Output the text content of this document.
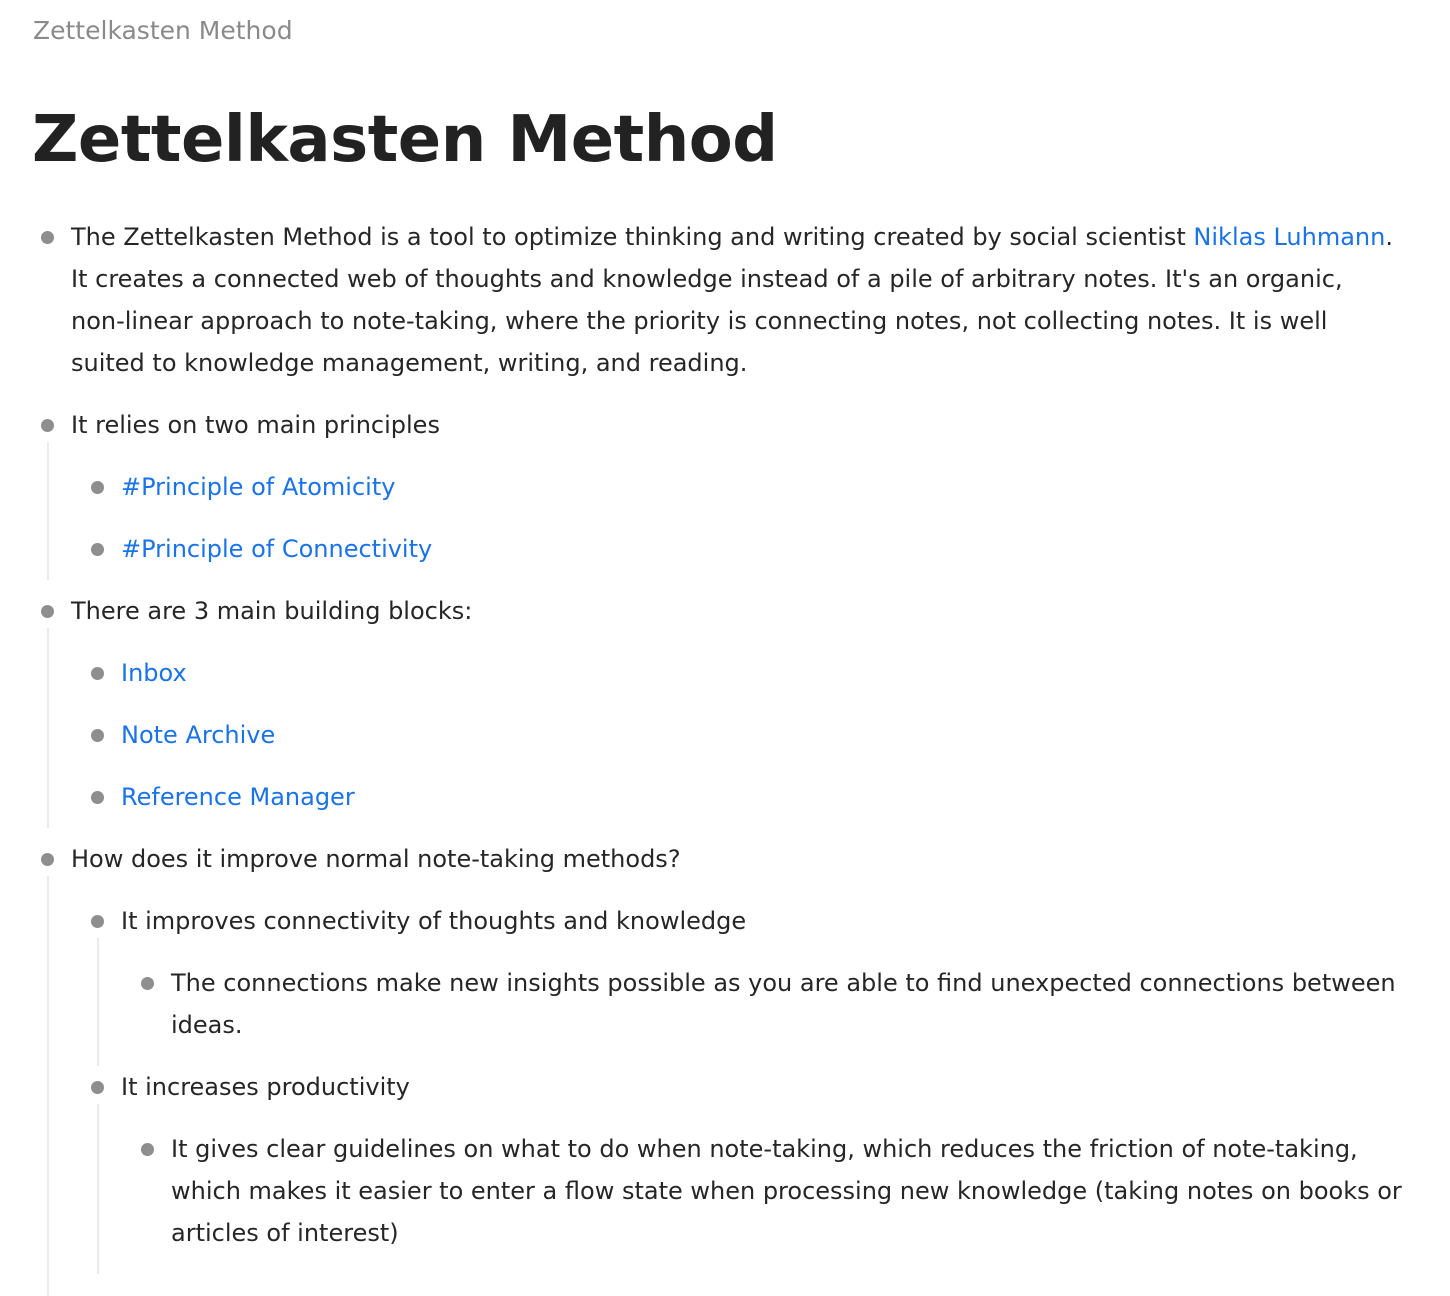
Zettelkasten Method
Zettelkasten Method
The Zettelkasten Method is a tool to optimize thinking and writing created by social scientist Niklas Luhmann.
It creates a connected web of thoughts and knowledge instead of a pile of arbitrary notes. It's an organic,
non-linear approach to note-taking, where the priority is connecting notes, not collecting notes. It is well
suited to knowledge management, writing, and reading.
It relies on two main principles
#Principle of Atomicity
#Principle of Connectivity
There are 3 main building blocks:
Inbox
Note Archive
Reference Manager
How does it improve normal note-taking methods?
It improves connectivity of thoughts and knowledge
The connections make new insights possible as you are able to find unexpected connections between
ideas.
It increases productivity
It gives clear guidelines on what to do when note-taking, which reduces the friction of note-taking,
which makes it easier to enter a flow state when processing new knowledge (taking notes on books or
articles of interest)
